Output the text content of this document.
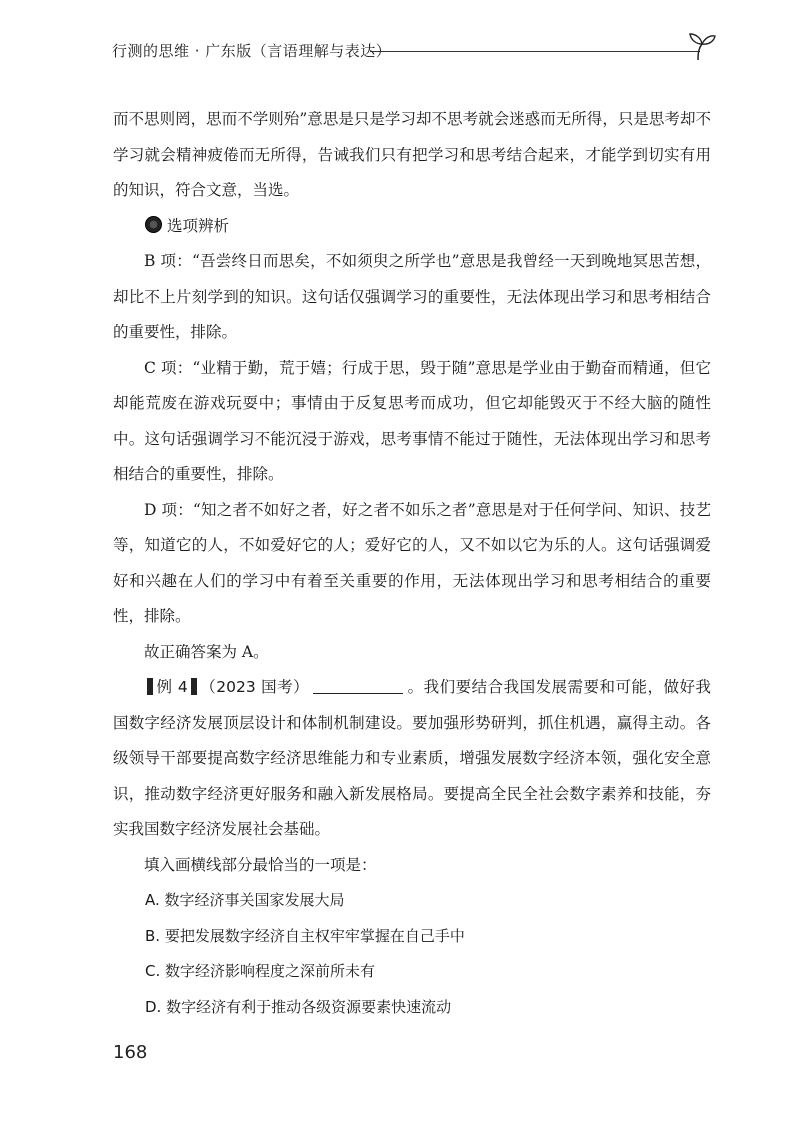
行测的思维 · 广东版（言语理解与表达）

而不思则罔，思而不学则殆”意思是只是学习却不思考就会迷惑而无所得，只是思考却不学习就会精神疲倦而无所得，告诫我们只有把学习和思考结合起来，才能学到切实有用的知识，符合文意，当选。

选项辨析

B 项：“吾尝终日而思矣，不如须臾之所学也”意思是我曾经一天到晚地冥思苦想，却比不上片刻学到的知识。这句话仅强调学习的重要性，无法体现出学习和思考相结合的重要性，排除。

C 项：“业精于勤，荒于嬉；行成于思，毁于随”意思是学业由于勤奋而精通，但它却能荒废在游戏玩耍中；事情由于反复思考而成功，但它却能毁灭于不经大脑的随性中。这句话强调学习不能沉浸于游戏，思考事情不能过于随性，无法体现出学习和思考相结合的重要性，排除。

D 项：“知之者不如好之者，好之者不如乐之者”意思是对于任何学问、知识、技艺等，知道它的人，不如爱好它的人；爱好它的人，又不如以它为乐的人。这句话强调爱好和兴趣在人们的学习中有着至关重要的作用，无法体现出学习和思考相结合的重要性，排除。

故正确答案为 A。

例 4 （2023 国考）	。我们要结合我国发展需要和可能，做好我国数字经济发展顶层设计和体制机制建设。要加强形势研判，抓住机遇，赢得主动。各级领导干部要提高数字经济思维能力和专业素质，增强发展数字经济本领，强化安全意识，推动数字经济更好服务和融入新发展格局。要提高全民全社会数字素养和技能，夯实我国数字经济发展社会基础。

填入画横线部分最恰当的一项是：

A. 数字经济事关国家发展大局

B. 要把发展数字经济自主权牢牢掌握在自己手中

C. 数字经济影响程度之深前所未有

D. 数字经济有利于推动各级资源要素快速流动

168
